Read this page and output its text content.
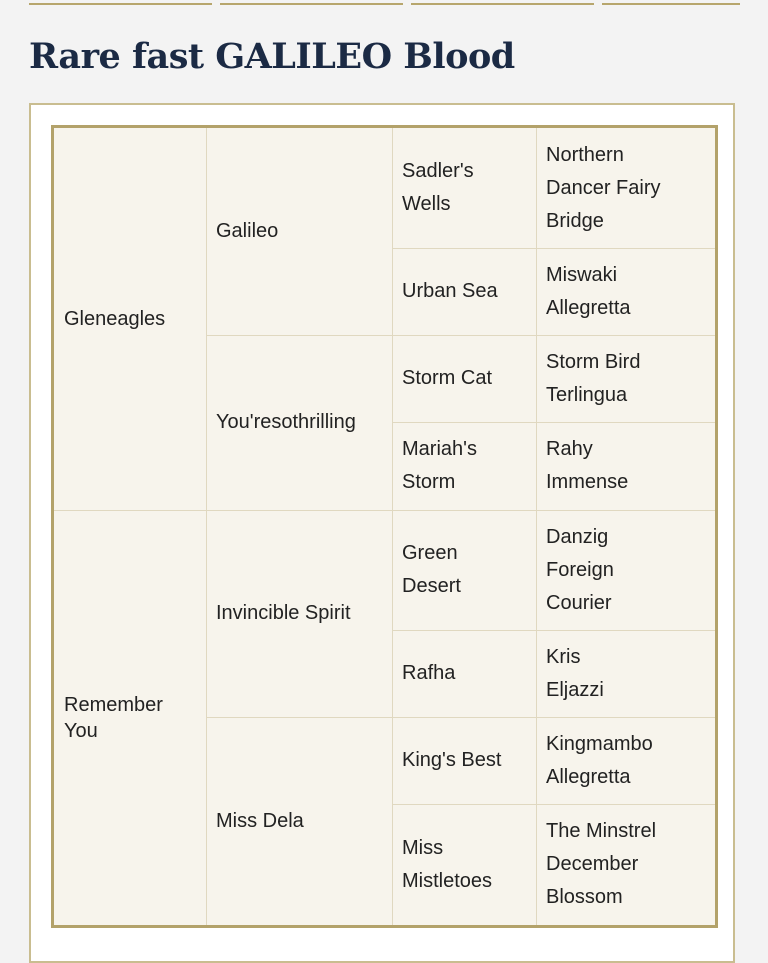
Rare fast GALILEO Blood
Gleneagles
Remember You
Galileo
You'resothrilling
Invincible Spirit
Miss Dela
Sadler's Wells
Urban Sea
Storm Cat
Mariah's Storm
Green Desert
Rafha
King's Best
Miss Mistletoes
Northern Dancer Fairy Bridge
Miswaki Allegretta
Storm Bird Terlingua
Rahy Immense
Danzig Foreign Courier
Kris Eljazzi
Kingmambo Allegretta
The Minstrel December Blossom
